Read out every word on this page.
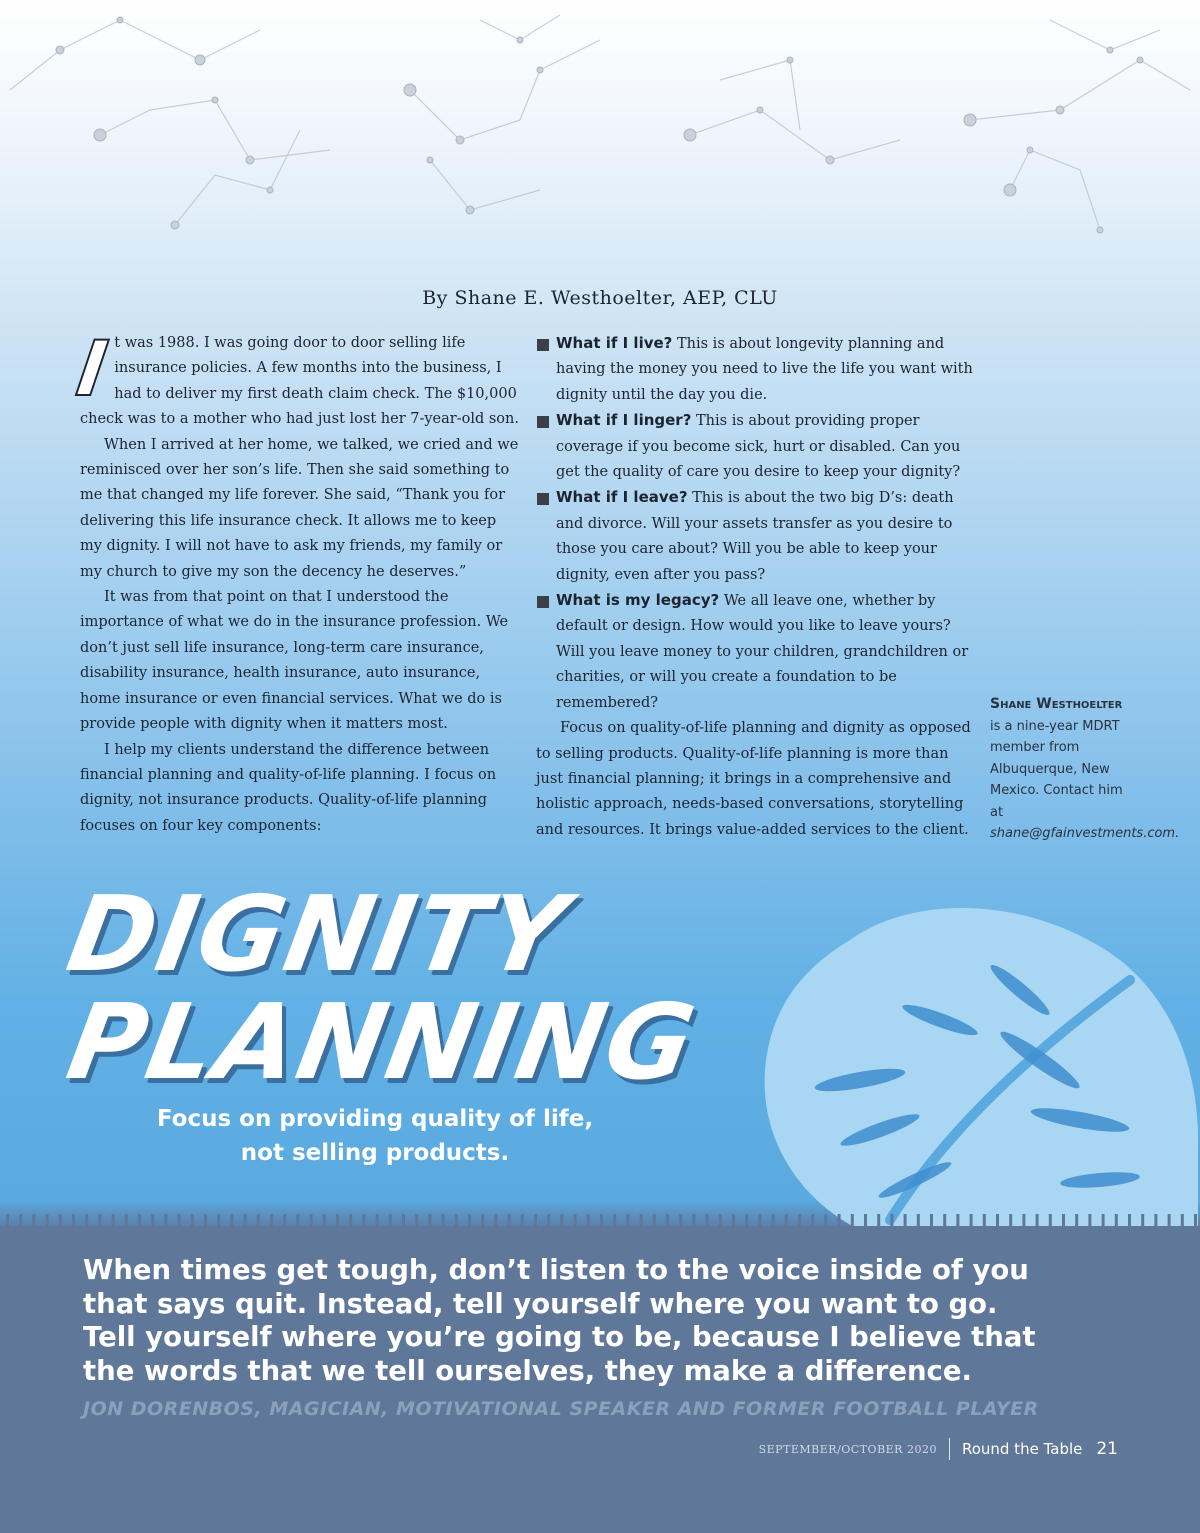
By Shane E. Westhoelter, AEP, CLU
I t was 1988. I was going door to door selling life insurance policies. A few months into the business, I had to deliver my first death claim check. The $10,000 check was to a mother who had just lost her 7-year-old son.

When I arrived at her home, we talked, we cried and we reminisced over her son’s life. Then she said something to me that changed my life forever. She said, “Thank you for delivering this life insurance check. It allows me to keep my dignity. I will not have to ask my friends, my family or my church to give my son the decency he deserves.”

It was from that point on that I understood the importance of what we do in the insurance profession. We don’t just sell life insurance, long-term care insurance, disability insurance, health insurance, auto insurance, home insurance or even financial services. What we do is provide people with dignity when it matters most.

I help my clients understand the difference between financial planning and quality-of-life planning. I focus on dignity, not insurance products. Quality-of-life planning focuses on four key components:

What if I live? This is about longevity planning and having the money you need to live the life you want with dignity until the day you die.
What if I linger? This is about providing proper coverage if you become sick, hurt or disabled. Can you get the quality of care you desire to keep your dignity?
What if I leave? This is about the two big D’s: death and divorce. Will your assets transfer as you desire to those you care about? Will you be able to keep your dignity, even after you pass?
What is my legacy? We all leave one, whether by default or design. How would you like to leave yours? Will you leave money to your children, grandchildren or charities, or will you create a foundation to be remembered?

Focus on quality-of-life planning and dignity as opposed to selling products. Quality-of-life planning is more than just financial planning; it brings in a comprehensive and holistic approach, needs-based conversations, storytelling and resources. It brings value-added services to the client.

Shane Westhoelter is a nine-year MDRT member from Albuquerque, New Mexico. Contact him at shane@gfainvestments.com.
DIGNITY
PLANNING
Focus on providing quality of life,
not selling products.
When times get tough, don’t listen to the voice inside of you
that says quit. Instead, tell yourself where you want to go.
Tell yourself where you’re going to be, because I believe that
the words that we tell ourselves, they make a difference.
JON DORENBOS, MAGICIAN, MOTIVATIONAL SPEAKER AND FORMER FOOTBALL PLAYER
SEPTEMBER/OCTOBER 2020 Round the Table 21
